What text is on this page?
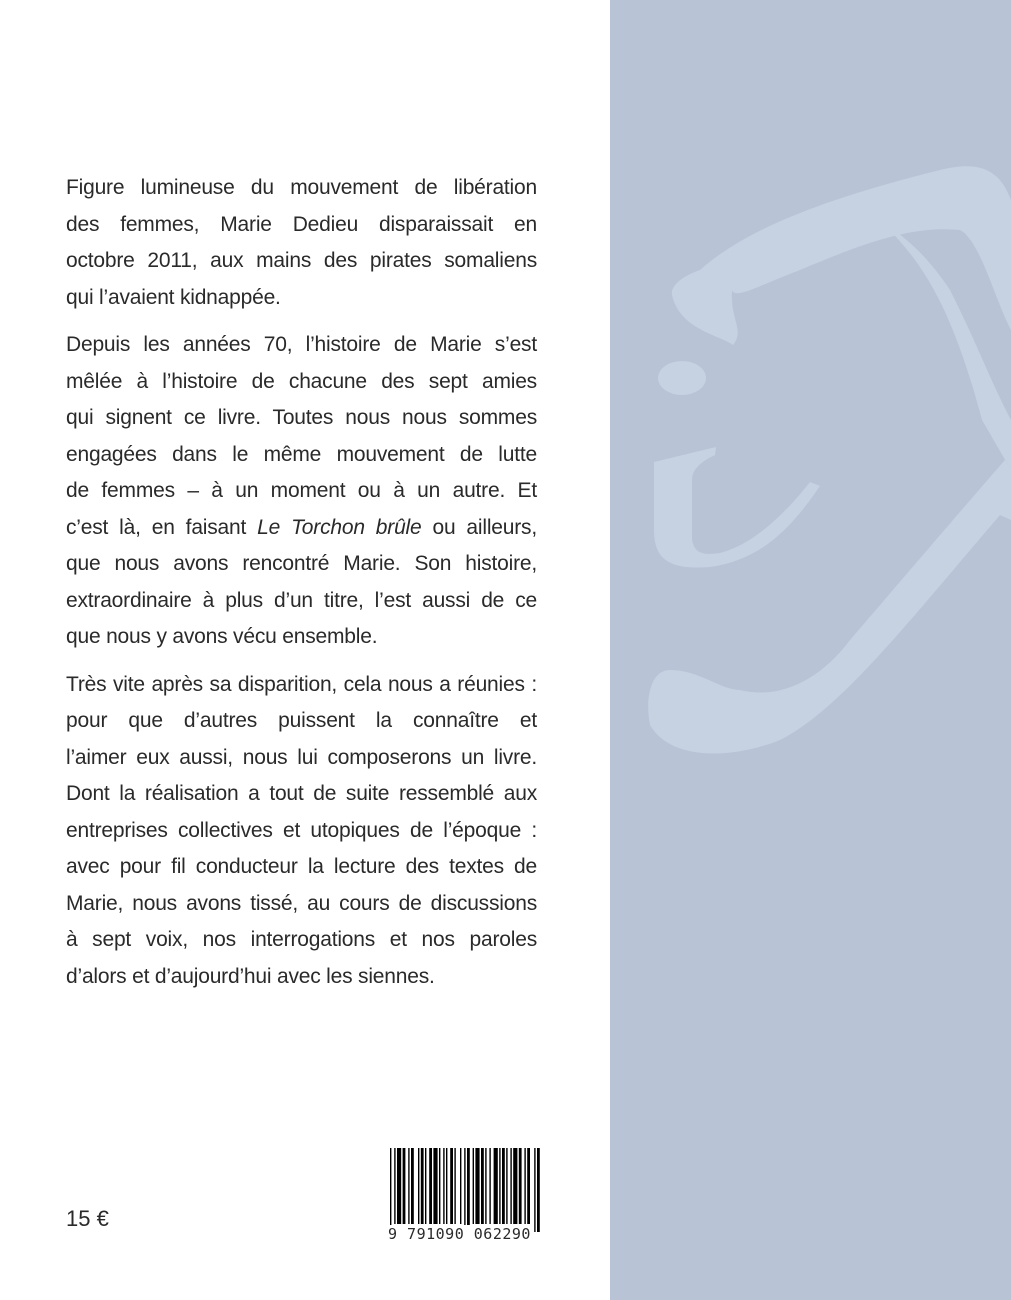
Figure lumineuse du mouvement de libération
des femmes, Marie Dedieu disparaissait en
octobre 2011, aux mains des pirates somaliens
qui l’avaient kidnappée.
Depuis les années 70, l’histoire de Marie s’est
mêlée à l’histoire de chacune des sept amies
qui signent ce livre. Toutes nous nous sommes
engagées dans le même mouvement de lutte
de femmes – à un moment ou à un autre. Et
c’est là, en faisant Le Torchon brûle ou ailleurs,
que nous avons rencontré Marie. Son histoire,
extraordinaire à plus d’un titre, l’est aussi de ce
que nous y avons vécu ensemble.
Très vite après sa disparition, cela nous a réunies :
pour que d’autres puissent la connaître et
l’aimer eux aussi, nous lui composerons un livre.
Dont la réalisation a tout de suite ressemblé aux
entreprises collectives et utopiques de l’époque :
avec pour fil conducteur la lecture des textes de
Marie, nous avons tissé, au cours de discussions
à sept voix, nos interrogations et nos paroles
d’alors et d’aujourd’hui avec les siennes.
15 €
9 791090 062290
